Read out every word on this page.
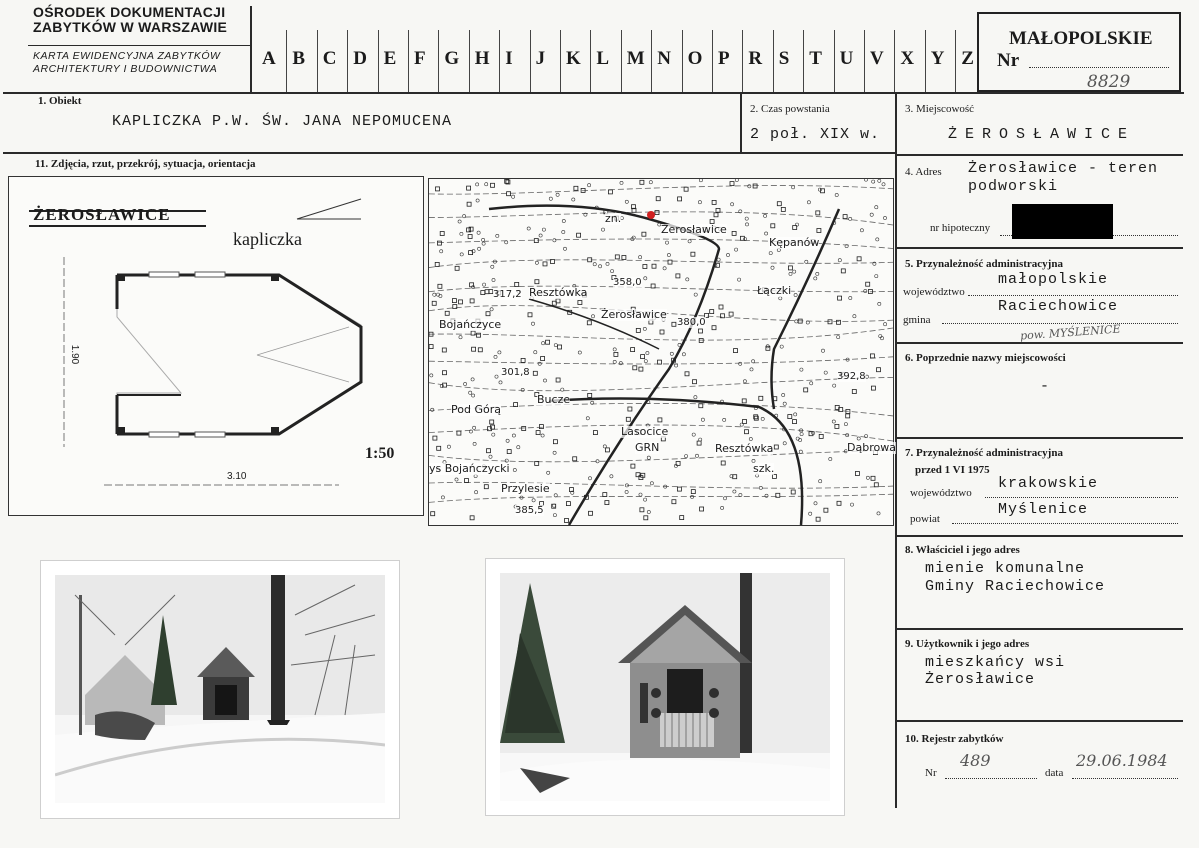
OŚRODEK DOKUMENTACJI
ZABYTKÓW W WARSZAWIE
KARTA EWIDENCYJNA ZABYTKÓW
ARCHITEKTURY I BUDOWNICTWA	A B C D E F G H I J K L M N O P R S T U V X Y Z
MAŁOPOLSKIE
Nr
8829
1. Obiekt
KAPLICZKA P.W. ŚW. JANA NEPOMUCENA
2. Czas powstania
2 poł. XIX w.
3. Miejscowość
ŻEROSŁAWICE
11. Zdjęcia, rzut, przekrój, sytuacja, orientacja
4. Adres Żerosławice - teren
podworski
nr hipoteczny
5. Przynależność administracyjna
województwo
małopolskie
gmina
Raciechowice
pow. MYŚLENICE
6. Poprzednie nazwy miejscowości
-
7. Przynależność administracyjna
przed 1 VI 1975
województwo
krakowskie
powiat
Myślenice
8. Właściciel i jego adres
mienie komunalne
Gminy Raciechowice
9. Użytkownik i jego adres
mieszkańcy wsi
Żerosławice
10. Rejestr zabytków
Nr
489
data
29.06.1984
ŻEROSŁAWICE
kapliczka
1:50
3.10
1.90
Żerosławice
Kępanów
Resztówka	Łączki
Bojańczyce
Żerosławice
Pod Górą
Bucze
Lasocice
GRN	Resztówka	Dąbrowa
Przylesie
ys Bojańczycki	szk.
zn.
358,0
317,2
380,0
301,8	392,8
385,5
